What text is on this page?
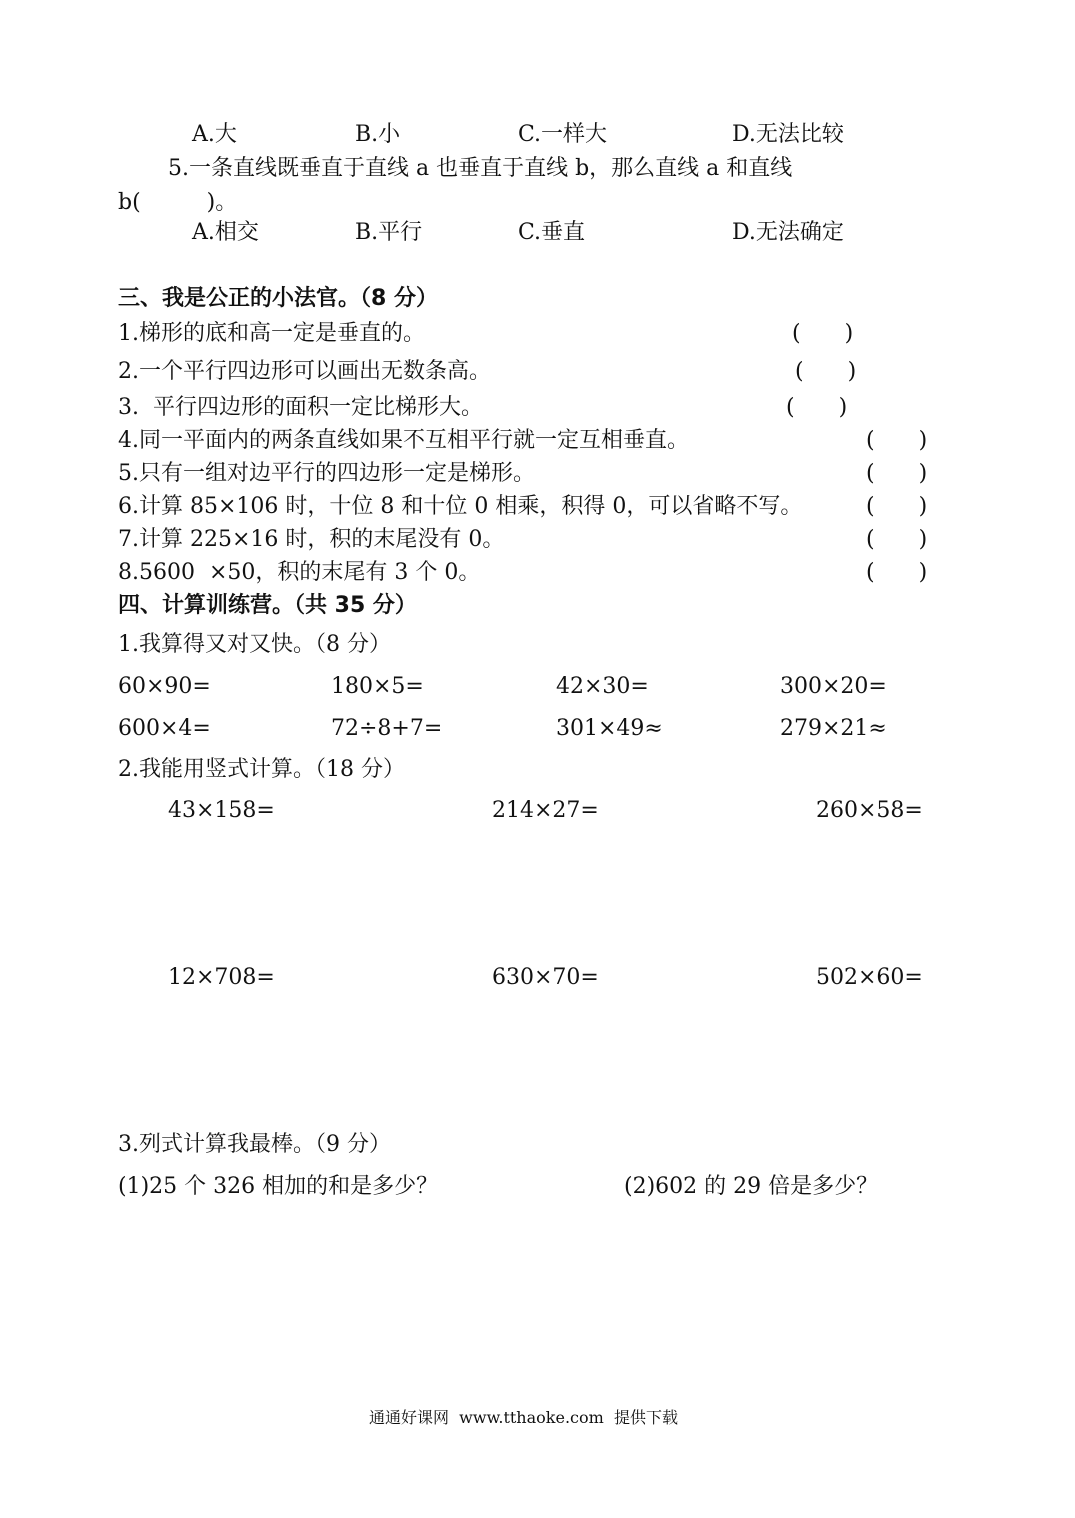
A.大	B.小	C.一样大	D.无法比较
5.一条直线既垂直于直线 a 也垂直于直线 b，那么直线 a 和直线
b(　　　)。
A.相交	B.平行	C.垂直	D.无法确定
三、我是公正的小法官。（8 分）
1.梯形的底和高一定是垂直的。	(　　)
2.一个平行四边形可以画出无数条高。	(　　)
3.  平行四边形的面积一定比梯形大。	(　　)
4.同一平面内的两条直线如果不互相平行就一定互相垂直。	(　　)
5.只有一组对边平行的四边形一定是梯形。	(　　)
6.计算 85×106 时，十位 8 和十位 0 相乘，积得 0，可以省略不写。	(　　)
7.计算 225×16 时，积的末尾没有 0。	(　　)
8.5600  ×50，积的末尾有 3 个 0。	(　　)
四、计算训练营。（共 35 分）
1.我算得又对又快。（8 分）
60×90=	180×5=	42×30=	300×20=
600×4=	72÷8+7=	301×49≈	279×21≈
2.我能用竖式计算。（18 分）
43×158=	214×27=	260×58=
12×708=	630×70=	502×60=
3.列式计算我最棒。（9 分）
(1)25 个 326 相加的和是多少？	(2)602 的 29 倍是多少？
通通好课网  www.tthaoke.com  提供下载
